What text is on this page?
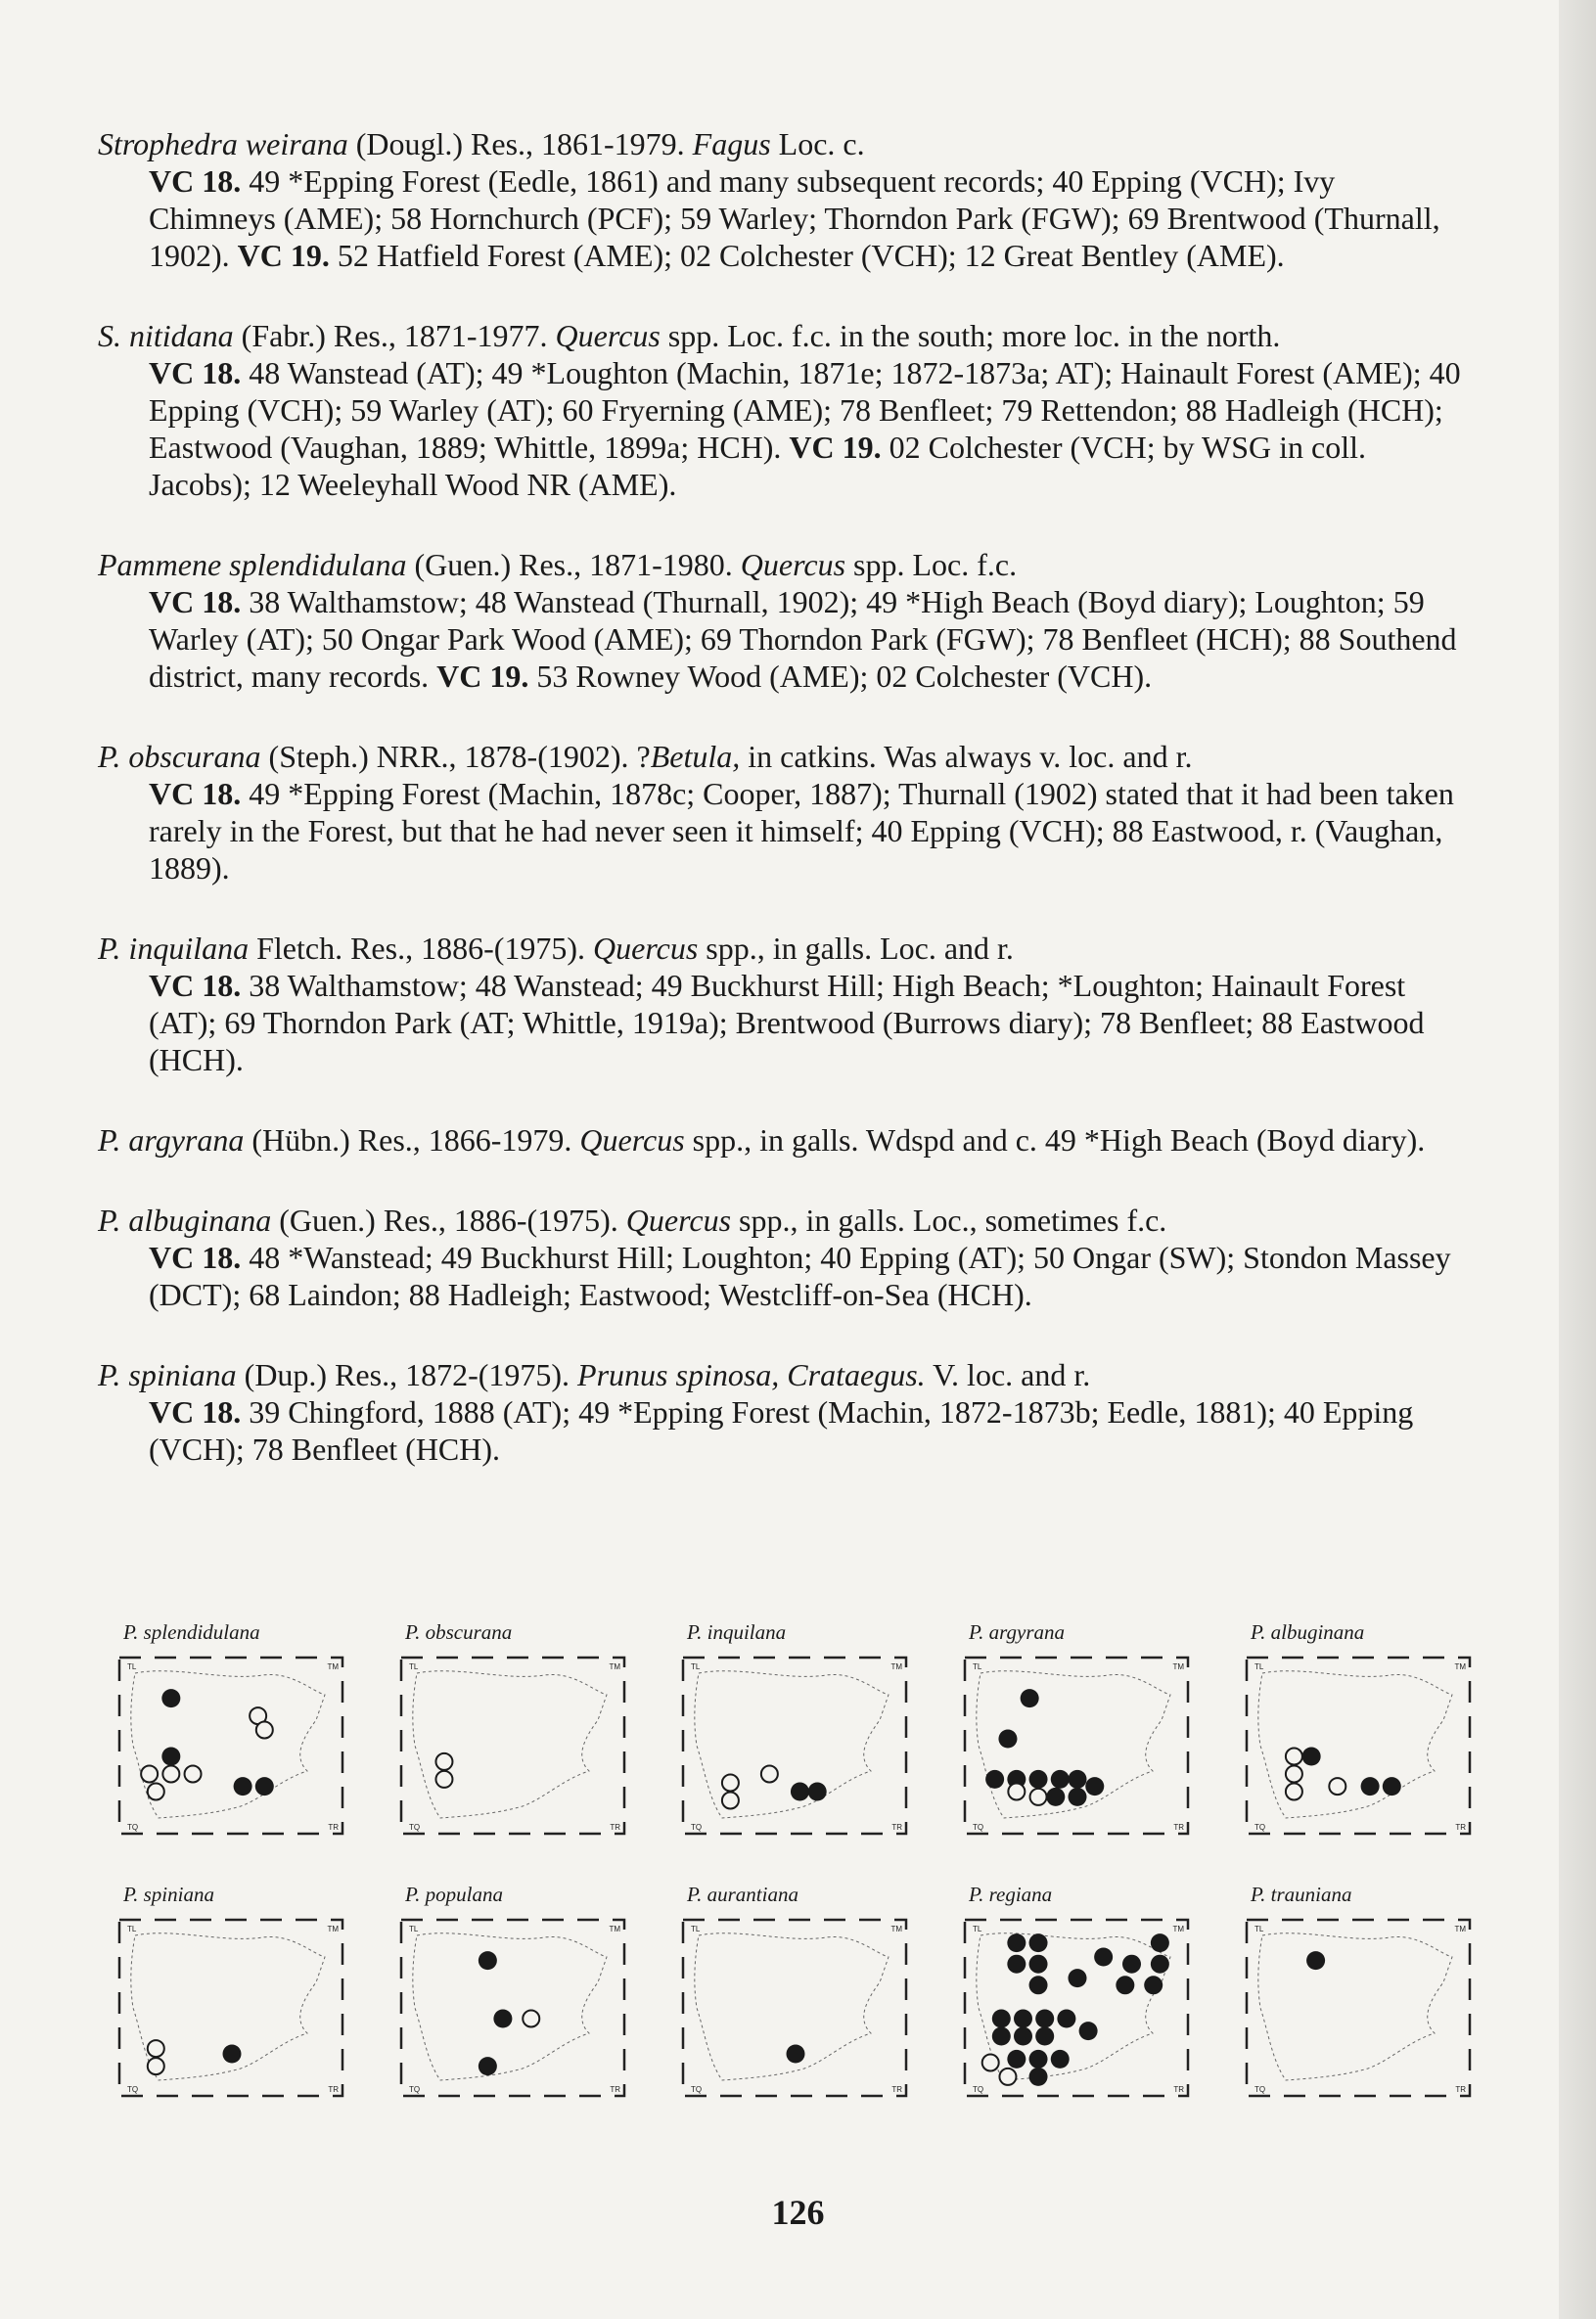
Strophedra weirana (Dougl.) Res., 1861-1979. Fagus Loc. c.
VC 18. 49 *Epping Forest (Eedle, 1861) and many subsequent records; 40 Epping (VCH); Ivy Chimneys (AME); 58 Hornchurch (PCF); 59 Warley; Thorndon Park (FGW); 69 Brentwood (Thurnall, 1902). VC 19. 52 Hatfield Forest (AME); 02 Colchester (VCH); 12 Great Bentley (AME).
S. nitidana (Fabr.) Res., 1871-1977. Quercus spp. Loc. f.c. in the south; more loc. in the north.
VC 18. 48 Wanstead (AT); 49 *Loughton (Machin, 1871e; 1872-1873a; AT); Hainault Forest (AME); 40 Epping (VCH); 59 Warley (AT); 60 Fryerning (AME); 78 Benfleet; 79 Rettendon; 88 Hadleigh (HCH); Eastwood (Vaughan, 1889; Whittle, 1899a; HCH). VC 19. 02 Colchester (VCH; by WSG in coll. Jacobs); 12 Weeleyhall Wood NR (AME).
Pammene splendidulana (Guen.) Res., 1871-1980. Quercus spp. Loc. f.c.
VC 18. 38 Walthamstow; 48 Wanstead (Thurnall, 1902); 49 *High Beach (Boyd diary); Loughton; 59 Warley (AT); 50 Ongar Park Wood (AME); 69 Thorndon Park (FGW); 78 Benfleet (HCH); 88 Southend district, many records. VC 19. 53 Rowney Wood (AME); 02 Colchester (VCH).
P. obscurana (Steph.) NRR., 1878-(1902). ?Betula, in catkins. Was always v. loc. and r.
VC 18. 49 *Epping Forest (Machin, 1878c; Cooper, 1887); Thurnall (1902) stated that it had been taken rarely in the Forest, but that he had never seen it himself; 40 Epping (VCH); 88 Eastwood, r. (Vaughan, 1889).
P. inquilana Fletch. Res., 1886-(1975). Quercus spp., in galls. Loc. and r.
VC 18. 38 Walthamstow; 48 Wanstead; 49 Buckhurst Hill; High Beach; *Loughton; Hainault Forest (AT); 69 Thorndon Park (AT; Whittle, 1919a); Brentwood (Burrows diary); 78 Benfleet; 88 Eastwood (HCH).
P. argyrana (Hübn.) Res., 1866-1979. Quercus spp., in galls. Wdspd and c. 49 *High Beach (Boyd diary).
P. albuginana (Guen.) Res., 1886-(1975). Quercus spp., in galls. Loc., sometimes f.c.
VC 18. 48 *Wanstead; 49 Buckhurst Hill; Loughton; 40 Epping (AT); 50 Ongar (SW); Stondon Massey (DCT); 68 Laindon; 88 Hadleigh; Eastwood; Westcliff-on-Sea (HCH).
P. spiniana (Dup.) Res., 1872-(1975). Prunus spinosa, Crataegus. V. loc. and r.
VC 18. 39 Chingford, 1888 (AT); 49 *Epping Forest (Machin, 1872-1873b; Eedle, 1881); 40 Epping (VCH); 78 Benfleet (HCH).
P. splendidulana
TL	TM
TQ	TR
P. obscurana
TL	TM
TQ	TR
P. inquilana
TL	TM
TQ	TR
P. argyrana
TL	TM
TQ	TR
P. albuginana
TL	TM
TQ	TR
P. spiniana
TL	TM
TQ	TR
P. populana
TL	TM
TQ	TR
P. aurantiana
TL	TM
TQ	TR
P. regiana
TL	TM
TQ	TR
P. trauniana
TL	TM
TQ	TR
126
